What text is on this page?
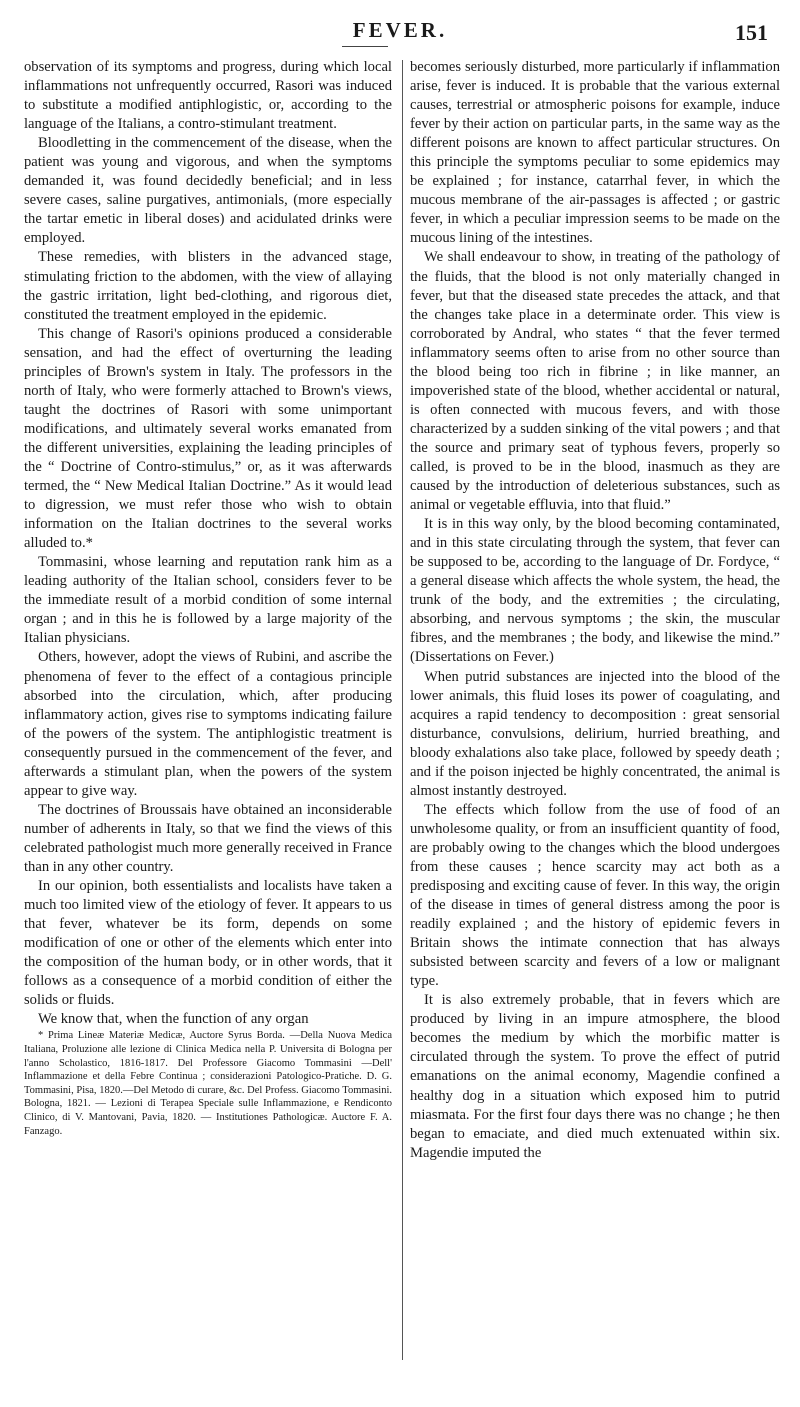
FEVER.	151

observation of its symptoms and progress, during which local inflammations not unfrequently occurred, Rasori was induced to substitute a modified antiphlogistic, or, according to the language of the Italians, a contro-stimulant treatment.

Bloodletting in the commencement of the disease, when the patient was young and vigorous, and when the symptoms demanded it, was found decidedly beneficial; and in less severe cases, saline purgatives, antimonials, (more especially the tartar emetic in liberal doses) and acidulated drinks were employed.

These remedies, with blisters in the advanced stage, stimulating friction to the abdomen, with the view of allaying the gastric irritation, light bed-clothing, and rigorous diet, constituted the treatment employed in the epidemic.

This change of Rasori's opinions produced a considerable sensation, and had the effect of overturning the leading principles of Brown's system in Italy. The professors in the north of Italy, who were formerly attached to Brown's views, taught the doctrines of Rasori with some unimportant modifications, and ultimately several works emanated from the different universities, explaining the leading principles of the “ Doctrine of Contro-stimulus,” or, as it was afterwards termed, the “ New Medical Italian Doctrine.” As it would lead to digression, we must refer those who wish to obtain information on the Italian doctrines to the several works alluded to.*

Tommasini, whose learning and reputation rank him as a leading authority of the Italian school, considers fever to be the immediate result of a morbid condition of some internal organ ; and in this he is followed by a large majority of the Italian physicians.

Others, however, adopt the views of Rubini, and ascribe the phenomena of fever to the effect of a contagious principle absorbed into the circulation, which, after producing inflammatory action, gives rise to symptoms indicating failure of the powers of the system. The antiphlogistic treatment is consequently pursued in the commencement of the fever, and afterwards a stimulant plan, when the powers of the system appear to give way.

The doctrines of Broussais have obtained an inconsiderable number of adherents in Italy, so that we find the views of this celebrated pathologist much more generally received in France than in any other country.

In our opinion, both essentialists and localists have taken a much too limited view of the etiology of fever. It appears to us that fever, whatever be its form, depends on some modification of one or other of the elements which enter into the composition of the human body, or in other words, that it follows as a consequence of a morbid condition of either the solids or fluids.

We know that, when the function of any organ

* Prima Lineæ Materiæ Medicæ, Auctore Syrus Borda. —Della Nuova Medica Italiana, Proluzione alle lezione di Clinica Medica nella P. Universita di Bologna per l'anno Scholastico, 1816-1817. Del Professore Giacomo Tommasini —Dell' Inflammazione et della Febre Continua ; considerazioni Patologico-Pratiche. D. G. Tommasini, Pisa, 1820.—Del Metodo di curare, &c. Del Profess. Giacomo Tommasini. Bologna, 1821. — Lezioni di Terapea Speciale sulle Inflammazione, e Rendiconto Clinico, di V. Mantovani, Pavia, 1820. — Institutiones Pathologicæ. Auctore F. A. Fanzago.

becomes seriously disturbed, more particularly if inflammation arise, fever is induced. It is probable that the various external causes, terrestrial or atmospheric poisons for example, induce fever by their action on particular parts, in the same way as the different poisons are known to affect particular structures. On this principle the symptoms peculiar to some epidemics may be explained ; for instance, catarrhal fever, in which the mucous membrane of the air-passages is affected ; or gastric fever, in which a peculiar impression seems to be made on the mucous lining of the intestines.

We shall endeavour to show, in treating of the pathology of the fluids, that the blood is not only materially changed in fever, but that the diseased state precedes the attack, and that the changes take place in a determinate order. This view is corroborated by Andral, who states “ that the fever termed inflammatory seems often to arise from no other source than the blood being too rich in fibrine ; in like manner, an impoverished state of the blood, whether accidental or natural, is often connected with mucous fevers, and with those characterized by a sudden sinking of the vital powers ; and that the source and primary seat of typhous fevers, properly so called, is proved to be in the blood, inasmuch as they are caused by the introduction of deleterious substances, such as animal or vegetable effluvia, into that fluid.”

It is in this way only, by the blood becoming contaminated, and in this state circulating through the system, that fever can be supposed to be, according to the language of Dr. Fordyce, “ a general disease which affects the whole system, the head, the trunk of the body, and the extremities ; the circulating, absorbing, and nervous symptoms ; the skin, the muscular fibres, and the membranes ; the body, and likewise the mind.” (Dissertations on Fever.)

When putrid substances are injected into the blood of the lower animals, this fluid loses its power of coagulating, and acquires a rapid tendency to decomposition : great sensorial disturbance, convulsions, delirium, hurried breathing, and bloody exhalations also take place, followed by speedy death ; and if the poison injected be highly concentrated, the animal is almost instantly destroyed.

The effects which follow from the use of food of an unwholesome quality, or from an insufficient quantity of food, are probably owing to the changes which the blood undergoes from these causes ; hence scarcity may act both as a predisposing and exciting cause of fever. In this way, the origin of the disease in times of general distress among the poor is readily explained ; and the history of epidemic fevers in Britain shows the intimate connection that has always subsisted between scarcity and fevers of a low or malignant type.

It is also extremely probable, that in fevers which are produced by living in an impure atmosphere, the blood becomes the medium by which the morbific matter is circulated through the system. To prove the effect of putrid emanations on the animal economy, Magendie confined a healthy dog in a situation which exposed him to putrid miasmata. For the first four days there was no change ; he then began to emaciate, and died much extenuated within six. Magendie imputed the
